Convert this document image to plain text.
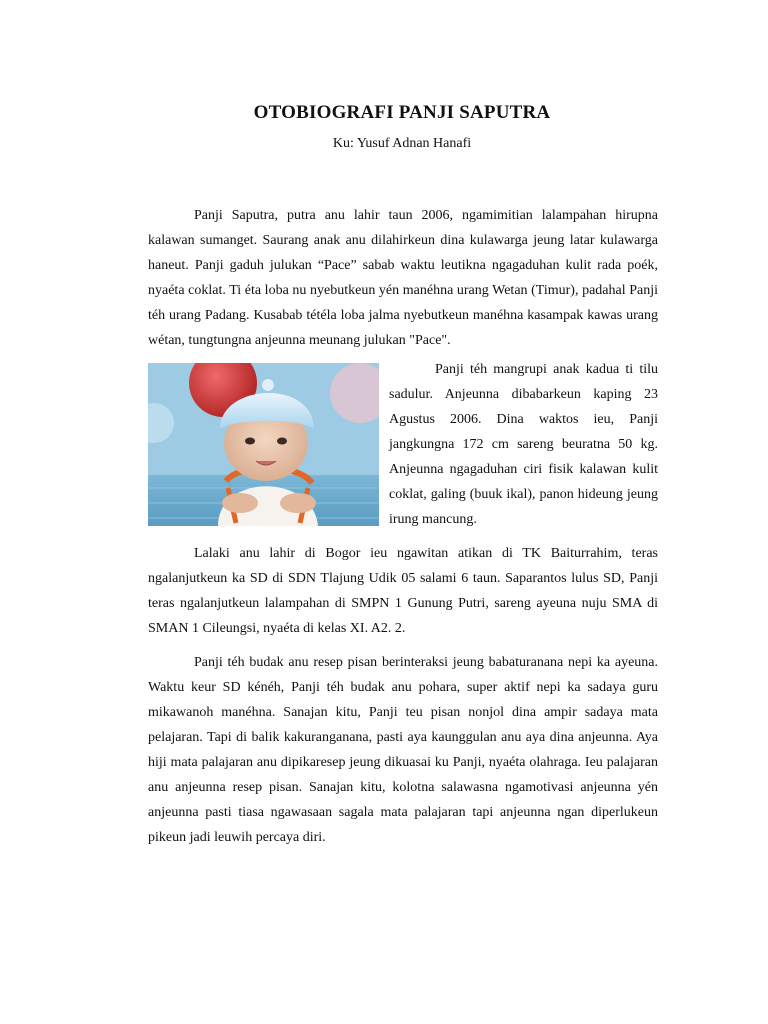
OTOBIOGRAFI PANJI SAPUTRA
Ku: Yusuf Adnan Hanafi

Panji Saputra, putra anu lahir taun 2006, ngamimitian lalampahan hirupna kalawan sumanget. Saurang anak anu dilahirkeun dina kulawarga jeung latar kulawarga haneut. Panji gaduh julukan “Pace” sabab waktu leutikna ngagaduhan kulit rada poék, nyaéta coklat. Ti éta loba nu nyebutkeun yén manéhna urang Wetan (Timur), padahal Panji téh urang Padang. Kusabab tétéla loba jalma nyebutkeun manéhna kasampak kawas urang wétan, tungtungna anjeunna meunang julukan "Pace".

Panji téh mangrupi anak kadua ti tilu sadulur. Anjeunna dibabarkeun kaping 23 Agustus 2006. Dina waktos ieu, Panji jangkungna 172 cm sareng beuratna 50 kg. Anjeunna ngagaduhan ciri fisik kalawan kulit coklat, galing (buuk ikal), panon hideung jeung irung mancung.

Lalaki anu lahir di Bogor ieu ngawitan atikan di TK Baiturrahim, teras ngalanjutkeun ka SD di SDN Tlajung Udik 05 salami 6 taun. Saparantos lulus SD, Panji teras ngalanjutkeun lalampahan di SMPN 1 Gunung Putri, sareng ayeuna nuju SMA di SMAN 1 Cileungsi, nyaéta di kelas XI. A2. 2.

Panji téh budak anu resep pisan berinteraksi jeung babaturanana nepi ka ayeuna. Waktu keur SD kénéh, Panji téh budak anu pohara, super aktif nepi ka sadaya guru mikawanoh manéhna. Sanajan kitu, Panji teu pisan nonjol dina ampir sadaya mata pelajaran. Tapi di balik kakuranganana, pasti aya kaunggulan anu aya dina anjeunna. Aya hiji mata palajaran anu dipikaresep jeung dikuasai ku Panji, nyaéta olahraga. Ieu palajaran anu anjeunna resep pisan. Sanajan kitu, kolotna salawasna ngamotivasi anjeunna yén anjeunna pasti tiasa ngawasaan sagala mata palajaran tapi anjeunna ngan diperlukeun pikeun jadi leuwih percaya diri.
